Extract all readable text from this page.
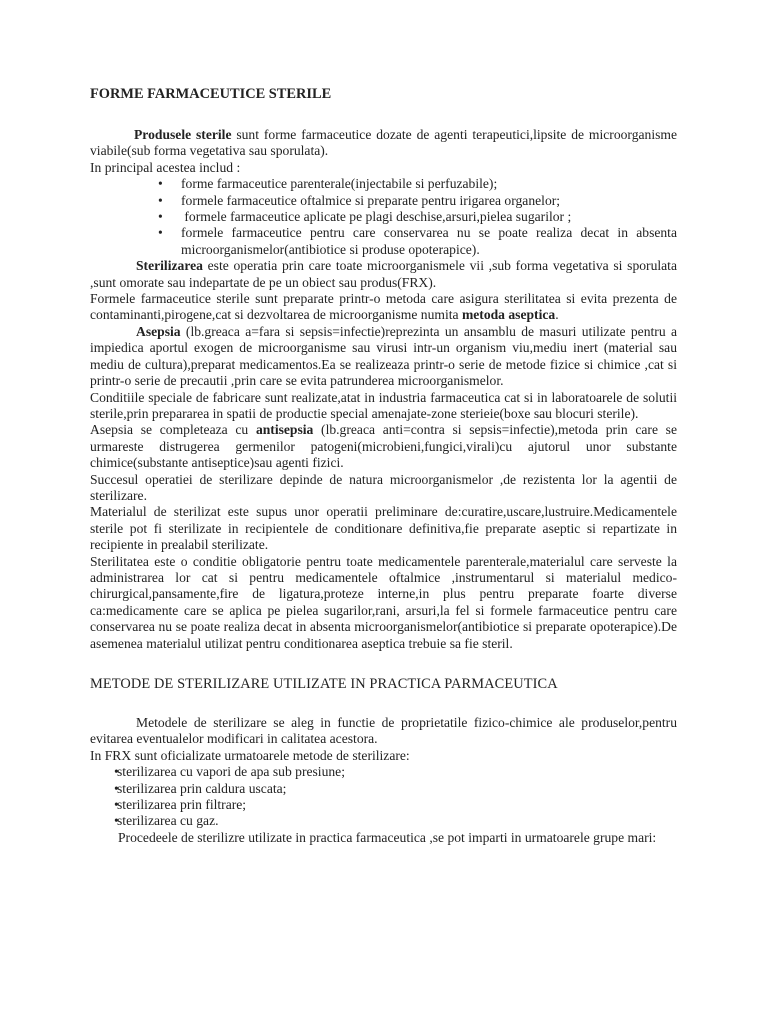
FORME FARMACEUTICE STERILE

Produsele sterile sunt forme farmaceutice dozate de agenti terapeutici,lipsite de microorganisme viabile(sub forma vegetativa sau sporulata).

In principal acestea includ :

• forme farmaceutice parenterale(injectabile si perfuzabile);
• formele farmaceutice oftalmice si preparate pentru irigarea organelor;
•  formele farmaceutice aplicate pe plagi deschise,arsuri,pielea sugarilor ;
• formele farmaceutice pentru care conservarea nu se poate realiza decat in absenta microorganismelor(antibiotice si produse opoterapice).

Sterilizarea este operatia prin care toate microorganismele vii ,sub forma vegetativa si sporulata ,sunt omorate sau indepartate de pe un obiect sau produs(FRX).

Formele farmaceutice sterile sunt preparate printr-o metoda care asigura sterilitatea si evita prezenta de contaminanti,pirogene,cat si dezvoltarea de microorganisme numita metoda aseptica.

Asepsia (lb.greaca a=fara si sepsis=infectie)reprezinta un ansamblu de masuri utilizate pentru a impiedica aportul exogen de microorganisme sau virusi intr-un organism viu,mediu inert (material sau mediu de cultura),preparat medicamentos.Ea se realizeaza printr-o serie de metode fizice si chimice ,cat si printr-o serie de precautii ,prin care se evita patrunderea microorganismelor.

Conditiile speciale de fabricare sunt realizate,atat in industria farmaceutica cat si in laboratoarele de solutii sterile,prin prepararea in spatii de productie special amenajate-zone sterieie(boxe sau blocuri sterile).

Asepsia se completeaza cu antisepsia (lb.greaca anti=contra si sepsis=infectie),metoda prin care se urmareste distrugerea germenilor patogeni(microbieni,fungici,virali)cu ajutorul unor substante chimice(substante antiseptice)sau agenti fizici.

Succesul operatiei de sterilizare depinde de natura microorganismelor ,de rezistenta lor la agentii de sterilizare.

Materialul de sterilizat este supus unor operatii preliminare de:curatire,uscare,lustruire.Medicamentele sterile pot fi sterilizate in recipientele de conditionare definitiva,fie preparate aseptic si repartizate in recipiente in prealabil sterilizate.

Sterilitatea este o conditie obligatorie pentru toate medicamentele parenterale,materialul care serveste la administrarea lor cat si pentru medicamentele oftalmice ,instrumentarul si materialul medico-chirurgical,pansamente,fire de ligatura,proteze interne,in plus pentru preparate foarte diverse ca:medicamente care se aplica pe pielea sugarilor,rani, arsuri,la fel si formele farmaceutice pentru care conservarea nu se poate realiza decat in absenta microorganismelor(antibiotice si preparate opoterapice).De asemenea materialul utilizat pentru conditionarea aseptica trebuie sa fie steril.

METODE DE STERILIZARE UTILIZATE IN PRACTICA PARMACEUTICA

Metodele de sterilizare se aleg in functie de proprietatile fizico-chimice ale produselor,pentru evitarea eventualelor modificari in calitatea acestora.

In FRX sunt oficializate urmatoarele metode de sterilizare:

• sterilizarea cu vapori de apa sub presiune;
• sterilizarea prin caldura uscata;
• sterilizarea prin filtrare;
• sterilizarea cu gaz.

Procedeele de sterilizre utilizate in practica farmaceutica ,se pot imparti in urmatoarele grupe mari:
